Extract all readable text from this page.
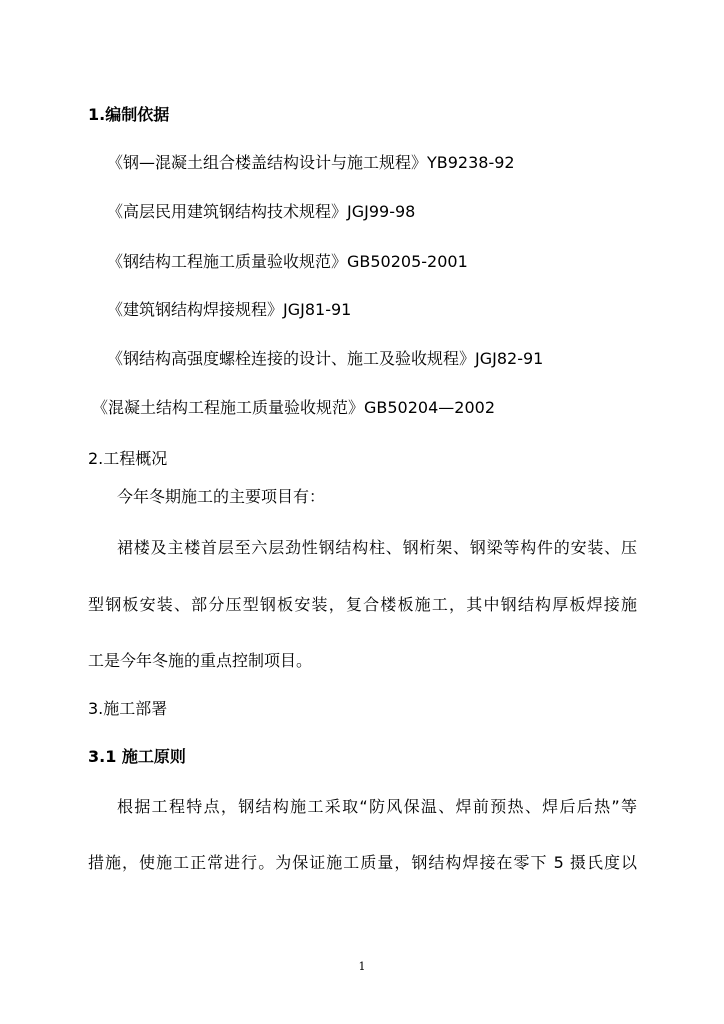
1.编制依据
《钢—混凝土组合楼盖结构设计与施工规程》YB9238-92
《高层民用建筑钢结构技术规程》JGJ99-98
《钢结构工程施工质量验收规范》GB50205-2001
《建筑钢结构焊接规程》JGJ81-91
《钢结构高强度螺栓连接的设计、施工及验收规程》JGJ82-91
《混凝土结构工程施工质量验收规范》GB50204—2002
2.工程概况
今年冬期施工的主要项目有：
裙楼及主楼首层至六层劲性钢结构柱、钢桁架、钢梁等构件的安装、压
型钢板安装、部分压型钢板安装，复合楼板施工，其中钢结构厚板焊接施
工是今年冬施的重点控制项目。
3.施工部署
3.1 施工原则
根据工程特点，钢结构施工采取“防风保温、焊前预热、焊后后热”等
措施，使施工正常进行。为保证施工质量，钢结构焊接在零下 5 摄氏度以
1
